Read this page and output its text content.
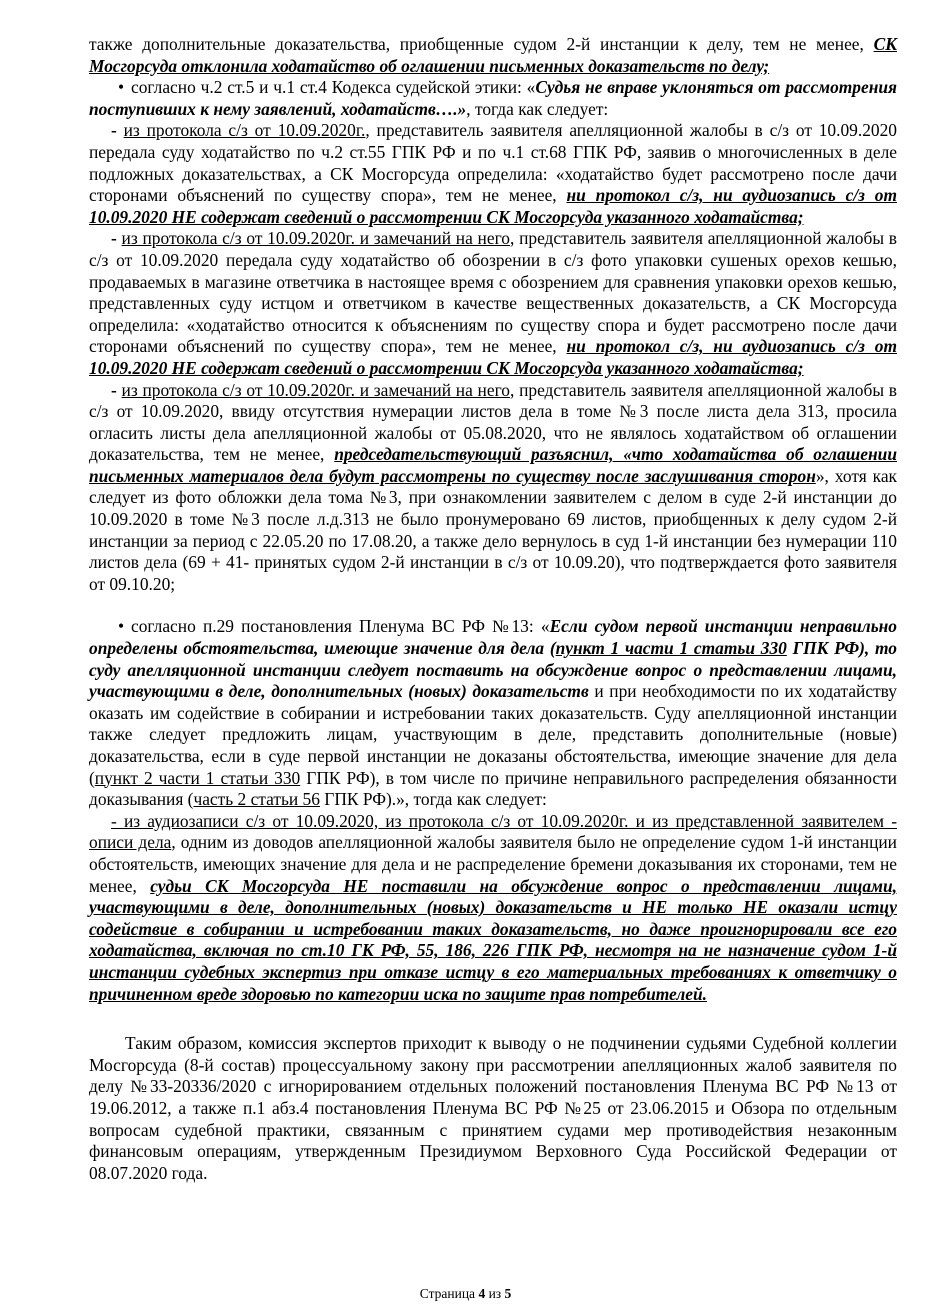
также дополнительные доказательства, приобщенные судом 2-й инстанции к делу, тем не менее, СК Мосгорсуда отклонила ходатайство об оглашении письменных доказательств по делу;

• согласно ч.2 ст.5 и ч.1 ст.4 Кодекса судейской этики: «Судья не вправе уклоняться от рассмотрения поступивших к нему заявлений, ходатайств….», тогда как следует:

- из протокола с/з от 10.09.2020г., представитель заявителя апелляционной жалобы в с/з от 10.09.2020 передала суду ходатайство по ч.2 ст.55 ГПК РФ и по ч.1 ст.68 ГПК РФ, заявив о многочисленных в деле подложных доказательствах, а СК Мосгорсуда определила: «ходатайство будет рассмотрено после дачи сторонами объяснений по существу спора», тем не менее, ни протокол с/з, ни аудиозапись с/з от 10.09.2020 НЕ содержат сведений о рассмотрении СК Мосгорсуда указанного ходатайства;

- из протокола с/з от 10.09.2020г. и замечаний на него, представитель заявителя апелляционной жалобы в с/з от 10.09.2020 передала суду ходатайство об обозрении в с/з фото упаковки сушеных орехов кешью, продаваемых в магазине ответчика в настоящее время с обозрением для сравнения упаковки орехов кешью, представленных суду истцом и ответчиком в качестве вещественных доказательств, а СК Мосгорсуда определила: «ходатайство относится к объяснениям по существу спора и будет рассмотрено после дачи сторонами объяснений по существу спора», тем не менее, ни протокол с/з, ни аудиозапись с/з от 10.09.2020 НЕ содержат сведений о рассмотрении СК Мосгорсуда указанного ходатайства;

- из протокола с/з от 10.09.2020г. и замечаний на него, представитель заявителя апелляционной жалобы в с/з от 10.09.2020, ввиду отсутствия нумерации листов дела в томе №3 после листа дела 313, просила огласить листы дела апелляционной жалобы от 05.08.2020, что не являлось ходатайством об оглашении доказательства, тем не менее, председательствующий разъяснил, «что ходатайства об оглашении письменных материалов дела будут рассмотрены по существу после заслушивания сторон», хотя как следует из фото обложки дела тома №3, при ознакомлении заявителем с делом в суде 2-й инстанции до 10.09.2020 в томе №3 после л.д.313 не было пронумеровано 69 листов, приобщенных к делу судом 2-й инстанции за период с 22.05.20 по 17.08.20, а также дело вернулось в суд 1-й инстанции без нумерации 110 листов дела (69 + 41- принятых судом 2-й инстанции в с/з от 10.09.20), что подтверждается фото заявителя от 09.10.20;

• согласно п.29 постановления Пленума ВС РФ №13: «Если судом первой инстанции неправильно определены обстоятельства, имеющие значение для дела (пункт 1 части 1 статьи 330 ГПК РФ), то суду апелляционной инстанции следует поставить на обсуждение вопрос о представлении лицами, участвующими в деле, дополнительных (новых) доказательств и при необходимости по их ходатайству оказать им содействие в собирании и истребовании таких доказательств. Суду апелляционной инстанции также следует предложить лицам, участвующим в деле, представить дополнительные (новые) доказательства, если в суде первой инстанции не доказаны обстоятельства, имеющие значение для дела (пункт 2 части 1 статьи 330 ГПК РФ), в том числе по причине неправильного распределения обязанности доказывания (часть 2 статьи 56 ГПК РФ).», тогда как следует:

- из аудиозаписи с/з от 10.09.2020, из протокола с/з от 10.09.2020г. и из представленной заявителем - описи дела, одним из доводов апелляционной жалобы заявителя было не определение судом 1-й инстанции обстоятельств, имеющих значение для дела и не распределение бремени доказывания их сторонами, тем не менее, судьи СК Мосгорсуда НЕ поставили на обсуждение вопрос о представлении лицами, участвующими в деле, дополнительных (новых) доказательств и НЕ только НЕ оказали истцу содействие в собирании и истребовании таких доказательств, но даже проигнорировали все его ходатайства, включая по ст.10 ГК РФ, 55, 186, 226 ГПК РФ, несмотря на не назначение судом 1-й инстанции судебных экспертиз при отказе истцу в его материальных требованиях к ответчику о причиненном вреде здоровью по категории иска по защите прав потребителей.

Таким образом, комиссия экспертов приходит к выводу о не подчинении судьями Судебной коллегии Мосгорсуда (8-й состав) процессуальному закону при рассмотрении апелляционных жалоб заявителя по делу №33-20336/2020 с игнорированием отдельных положений постановления Пленума ВС РФ №13 от 19.06.2012, а также п.1 абз.4 постановления Пленума ВС РФ №25 от 23.06.2015 и Обзора по отдельным вопросам судебной практики, связанным с принятием судами мер противодействия незаконным финансовым операциям, утвержденным Президиумом Верховного Суда Российской Федерации от 08.07.2020 года.

Страница 4 из 5
